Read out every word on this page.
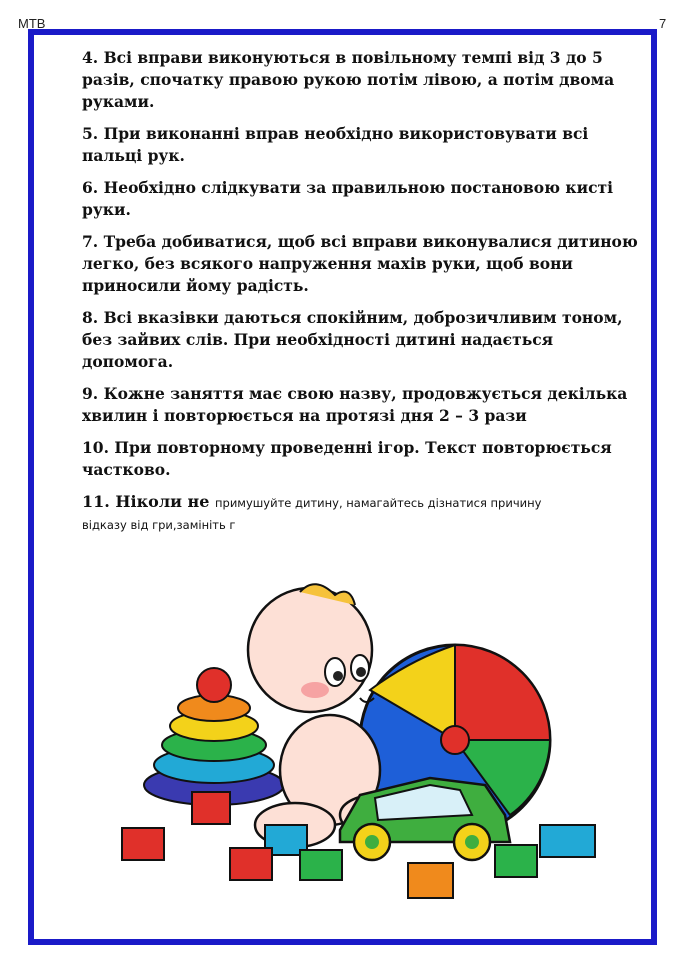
МТВ	7

4. Всі вправи виконуються в повільному темпі від 3 до 5 разів, спочатку правою рукою потім лівою, а потім двома руками.

5. При виконанні вправ необхідно використовувати всі пальці рук.

6. Необхідно слідкувати за правильною постановою кисті руки.

7. Треба добиватися, щоб всі вправи виконувалися дитиною легко, без всякого напруження махів руки, щоб вони приносили йому радість.

8. Всі вказівки даються спокійним, доброзичливим тоном, без зайвих слів. При необхідності дитині надається допомога.

9. Кожне заняття має свою назву, продовжується декілька хвилин і повторюється на протязі дня 2 – 3 рази

10. При повторному проведенні ігор. Текст повторюється частково.

11. Ніколи не примушуйте дитину, намагайтесь дізнатися причину
відказу від гри,замініть г
